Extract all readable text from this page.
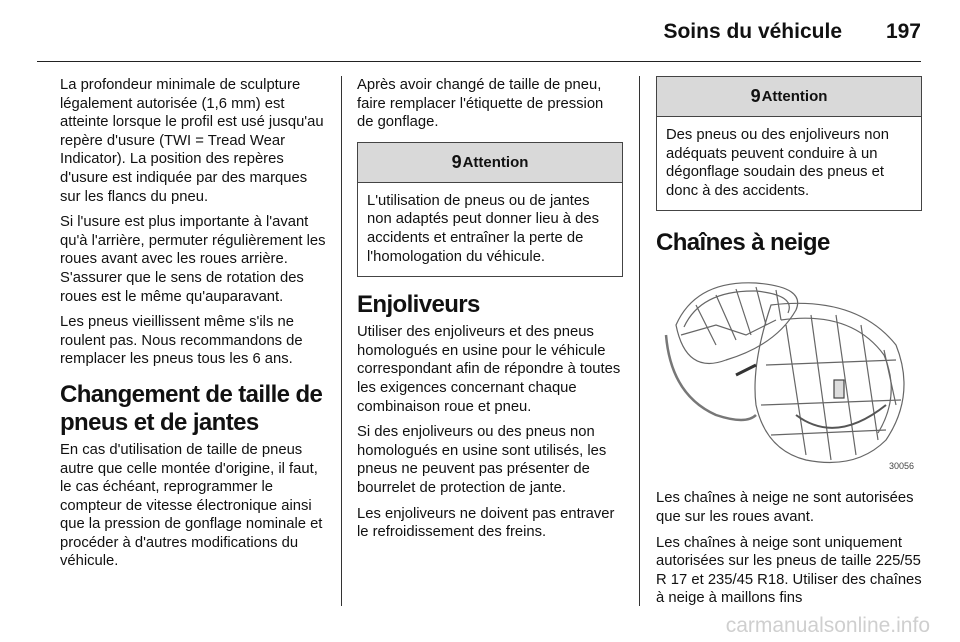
Soins du véhicule 197

La profondeur minimale de sculpture légalement autorisée (1,6 mm) est atteinte lorsque le profil est usé jusqu'au repère d'usure (TWI = Tread Wear Indicator). La position des repères d'usure est indiquée par des marques sur les flancs du pneu.

Si l'usure est plus importante à l'avant qu'à l'arrière, permuter régulièrement les roues avant avec les roues arrière. S'assurer que le sens de rotation des roues est le même qu'auparavant.

Les pneus vieillissent même s'ils ne roulent pas. Nous recommandons de remplacer les pneus tous les 6 ans.

Changement de taille de pneus et de jantes

En cas d'utilisation de taille de pneus autre que celle montée d'origine, il faut, le cas échéant, reprogrammer le compteur de vitesse électronique ainsi que la pression de gonflage nominale et procéder à d'autres modifications du véhicule.

Après avoir changé de taille de pneu, faire remplacer l'étiquette de pression de gonflage.

9 Attention

L'utilisation de pneus ou de jantes non adaptés peut donner lieu à des accidents et entraîner la perte de l'homologation du véhicule.

Enjoliveurs

Utiliser des enjoliveurs et des pneus homologués en usine pour le véhicule correspondant afin de répondre à toutes les exigences concernant chaque combinaison roue et pneu.

Si des enjoliveurs ou des pneus non homologués en usine sont utilisés, les pneus ne peuvent pas présenter de bourrelet de protection de jante.

Les enjoliveurs ne doivent pas entraver le refroidissement des freins.

9 Attention

Des pneus ou des enjoliveurs non adéquats peuvent conduire à un dégonflage soudain des pneus et donc à des accidents.

Chaînes à neige
30056

Les chaînes à neige ne sont autorisées que sur les roues avant.

Les chaînes à neige sont uniquement autorisées sur les pneus de taille 225/55 R 17 et 235/45 R18. Utiliser des chaînes à neige à maillons fins

carmanualsonline.info
